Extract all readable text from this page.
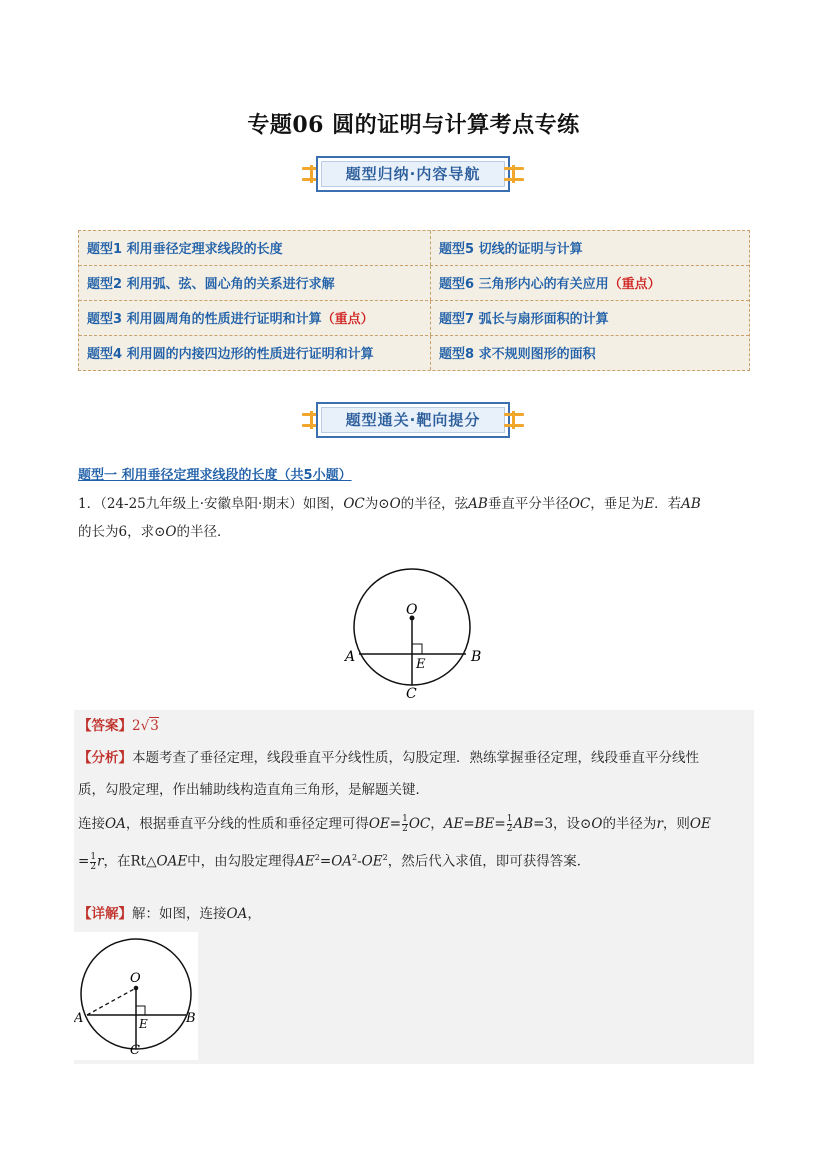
专题06 圆的证明与计算考点专练
题型归纳·内容导航
题型1 利用垂径定理求线段的长度	题型5 切线的证明与计算
题型2 利用弧、弦、圆心角的关系进行求解	题型6 三角形内心的有关应用（重点）
题型3 利用圆周角的性质进行证明和计算（重点）	题型7 弧长与扇形面积的计算
题型4 利用圆的内接四边形的性质进行证明和计算	题型8 求不规则图形的面积
题型通关·靶向提分
题型一 利用垂径定理求线段的长度（共5小题）
1．（24-25九年级上·安徽阜阳·期末）如图，OC为⊙O的半径，弦AB垂直平分半径OC，垂足为E．若AB
的长为6，求⊙O的半径．
O
A	B
E
C
【答案】2√3
【分析】本题考查了垂径定理，线段垂直平分线性质，勾股定理．熟练掌握垂径定理，线段垂直平分线性
质，勾股定理，作出辅助线构造直角三角形，是解题关键．
连接OA，根据垂直平分线的性质和垂径定理可得$OE= \frac{1}{2}$ OC，$AE=BE= \frac{1}{2} AB=3$，设⊙O的半径为r，则OE
= $\frac{1}{2}$ r，在Rt△OAE中，由勾股定理得$AE^2=OA^2-OE^2$，然后代入求值，即可获得答案．
【详解】解：如图，连接OA，
O
A	B
E
C
